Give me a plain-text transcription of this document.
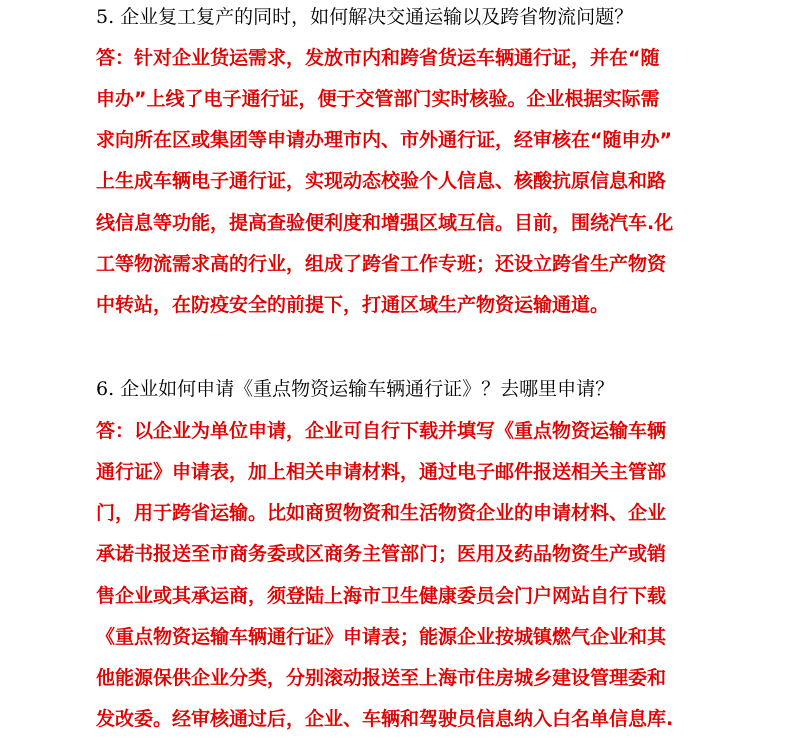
5. 企业复工复产的同时，如何解决交通运输以及跨省物流问题？
答：针对企业货运需求，发放市内和跨省货运车辆通行证，并在“随
申办”上线了电子通行证，便于交管部门实时核验。企业根据实际需
求向所在区或集团等申请办理市内、市外通行证，经审核在“随申办”
上生成车辆电子通行证，实现动态校验个人信息、核酸抗原信息和路
线信息等功能，提高查验便利度和增强区域互信。目前，围绕汽车.化
工等物流需求高的行业，组成了跨省工作专班；还设立跨省生产物资
中转站，在防疫安全的前提下，打通区域生产物资运输通道。
6. 企业如何申请《重点物资运输车辆通行证》？去哪里申请？
答：以企业为单位申请，企业可自行下载并填写《重点物资运输车辆
通行证》申请表，加上相关申请材料，通过电子邮件报送相关主管部
门，用于跨省运输。比如商贸物资和生活物资企业的申请材料、企业
承诺书报送至市商务委或区商务主管部门；医用及药品物资生产或销
售企业或其承运商，须登陆上海市卫生健康委员会门户网站自行下载
《重点物资运输车辆通行证》申请表；能源企业按城镇燃气企业和其
他能源保供企业分类，分别滚动报送至上海市住房城乡建设管理委和
发改委。经审核通过后，企业、车辆和驾驶员信息纳入白名单信息库.
